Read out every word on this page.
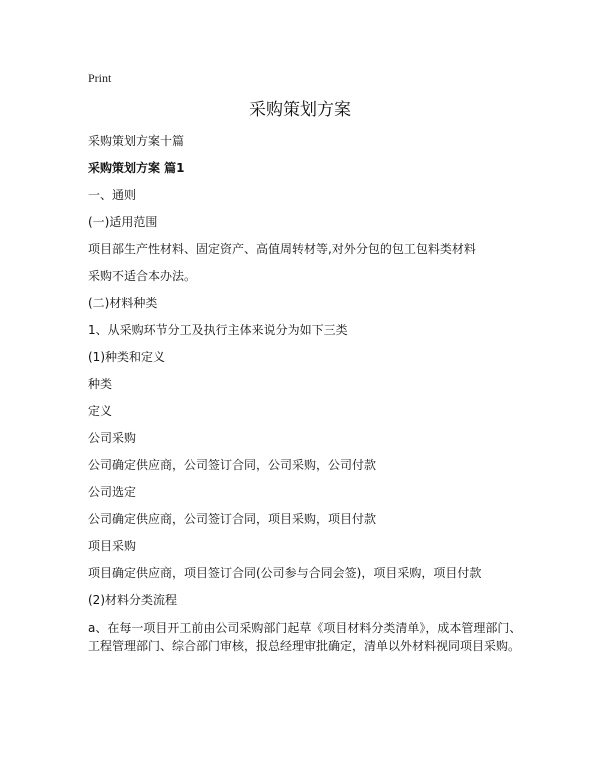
Print
采购策划方案
采购策划方案十篇
采购策划方案 篇1
一、通则
(一)适用范围
项目部生产性材料、固定资产、高值周转材等,对外分包的包工包料类材料
采购不适合本办法。
(二)材料种类
1、从采购环节分工及执行主体来说分为如下三类
(1)种类和定义
种类
定义
公司采购
公司确定供应商，公司签订合同，公司采购，公司付款
公司选定
公司确定供应商，公司签订合同，项目采购，项目付款
项目采购
项目确定供应商，项目签订合同(公司参与合同会签)，项目采购，项目付款
(2)材料分类流程
a、在每一项目开工前由公司采购部门起草《项目材料分类清单》，成本管理部门、工程管理部门、综合部门审核，报总经理审批确定，清单以外材料视同项目采购。
